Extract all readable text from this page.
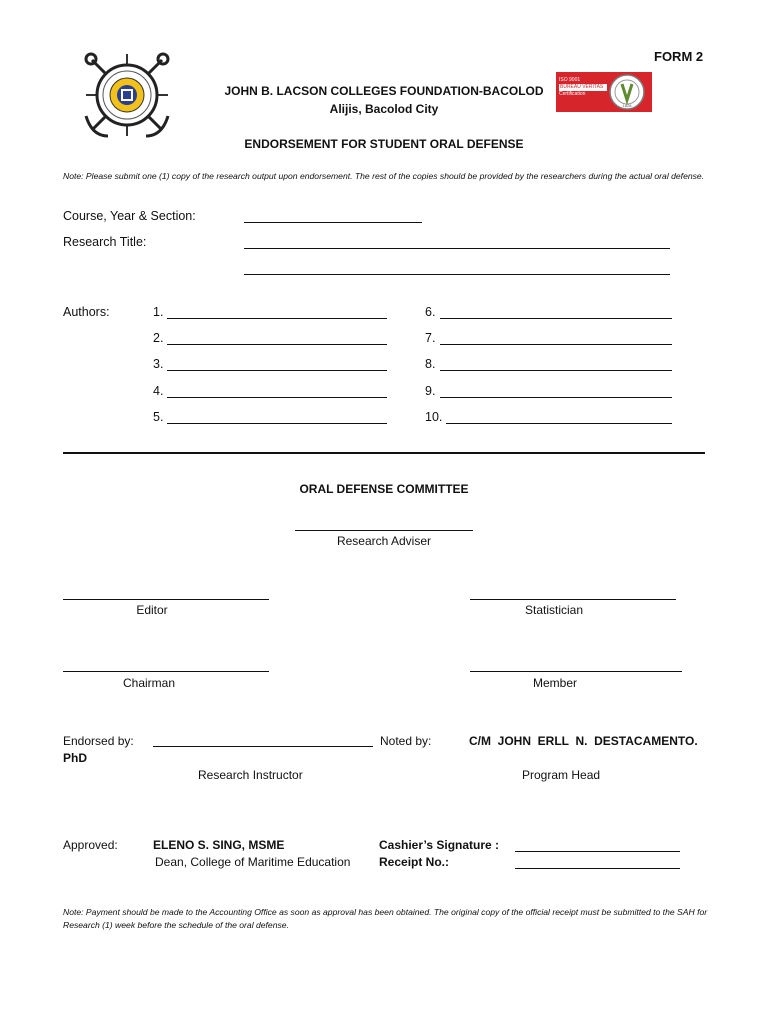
FORM 2
JOHN B. LACSON COLLEGES FOUNDATION-BACOLOD
Alijis, Bacolod City
ENDORSEMENT FOR STUDENT ORAL DEFENSE
ISO 9001
BUREAU VERITAS
Certification
1828
Note: Please submit one (1) copy of the research output upon endorsement. The rest of the copies should be provided by the researchers during the actual oral defense.
Course, Year & Section:
Research Title:
Authors:	1.
2.
3.
4.
5.
6.
7.
8.
9.
10.
ORAL DEFENSE COMMITTEE
Research Adviser
Editor	Statistician
Chairman	Member
Endorsed by:	Noted by:	C/M  JOHN  ERLL  N.  DESTACAMENTO.
PhD
Research Instructor	Program Head
Approved:	ELENO S. SING, MSME
Dean, College of Maritime Education
Cashier’s Signature :
Receipt No.:
Note: Payment should be made to the Accounting Office as soon as approval has been obtained. The original copy of the official receipt must be submitted to the SAH for Research (1) week before the schedule of the oral defense.
